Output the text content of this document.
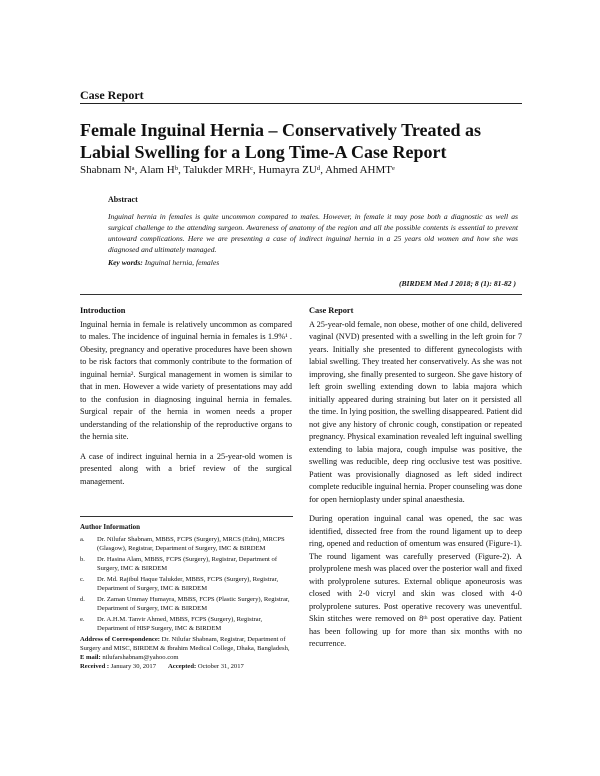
Case Report
Female Inguinal Hernia – Conservatively Treated as Labial Swelling for a Long Time-A Case Report
Shabnam Nᵃ, Alam Hᵇ, Talukder MRHᶜ, Humayra ZUᵈ, Ahmed AHMTᵉ
Abstract
Inguinal hernia in females is quite uncommon compared to males. However, in female it may pose both a diagnostic as well as surgical challenge to the attending surgeon. Awareness of anatomy of the region and all the possible contents is essential to prevent untoward complications. Here we are presenting a case of indirect inguinal hernia in a 25 years old women and how she was diagnosed and ultimately managed.
Key words: Inguinal hernia, females
(BIRDEM Med J 2018; 8 (1): 81-82 )
Introduction

Inguinal hernia in female is relatively uncommon as compared to males. The incidence of inguinal hernia in females is 1.9%¹ . Obesity, pregnancy and operative procedures have been shown to be risk factors that commonly contribute to the formation of inguinal hernia². Surgical management in women is similar to that in men. However a wide variety of presentations may add to the confusion in diagnosing inguinal hernia in females. Surgical repair of the hernia in women needs a proper understanding of the relationship of the reproductive organs to the hernia site.

A case of indirect inguinal hernia in a 25-year-old women is presented along with a brief review of the surgical management.

Author Information
a.	Dr. Nilufar Shabnam, MBBS, FCPS (Surgery), MRCS (Edin), MRCPS (Glasgow), Registrar, Department of Surgery, IMC & BIRDEM
b.	Dr. Hasina Alam, MBBS, FCPS (Surgery), Registrar, Department of Surgery, IMC & BIRDEM
c.	Dr. Md. Rajibul Haque Talukder, MBBS, FCPS (Surgery), Registrar, Department of Surgery, IMC & BIRDEM
d.	Dr. Zaman Ummay Humayra, MBBS, FCPS (Plastic Surgery), Registrar, Department of Surgery, IMC & BIRDEM
e.	Dr. A.H.M. Tanvir Ahmed, MBBS, FCPS (Surgery), Registrar, Department of HBP Surgery, IMC & BIRDEM
Address of Correspondence: Dr. Nilufar Shabnam, Registrar, Department of Surgery and MISC, BIRDEM & Ibrahim Medical College, Dhaka, Bangladesh, E mail: nilufarshabnam@yahoo.com
Received : January 30, 2017 Accepted: October 31, 2017
Case Report

A 25-year-old female, non obese, mother of one child, delivered vaginal (NVD) presented with a swelling in the left groin for 7 years. Initially she presented to different gynecologists with labial swelling. They treated her conservatively. As she was not improving, she finally presented to surgeon. She gave history of left groin swelling extending down to labia majora which initially appeared during straining but later on it persisted all the time. In lying position, the swelling disappeared. Patient did not give any history of chronic cough, constipation or repeated pregnancy. Physical examination revealed left inguinal swelling extending to labia majora, cough impulse was positive, the swelling was reducible, deep ring occlusive test was positive. Patient was provisionally diagnosed as left sided indirect complete reducible inguinal hernia. Proper counseling was done for open hernioplasty under spinal anaesthesia.

During operation inguinal canal was opened, the sac was identified, dissected free from the round ligament up to deep ring, opened and reduction of omentum was ensured (Figure-1). The round ligament was carefully preserved (Figure-2). A prolyprolene mesh was placed over the posterior wall and fixed with prolyprolene sutures. External oblique aponeurosis was closed with 2-0 vicryl and skin was closed with 4-0 prolyprolene sutures. Post operative recovery was uneventful. Skin stitches were removed on 8ᵗʰ post operative day. Patient has been following up for more than six months with no recurrence.
